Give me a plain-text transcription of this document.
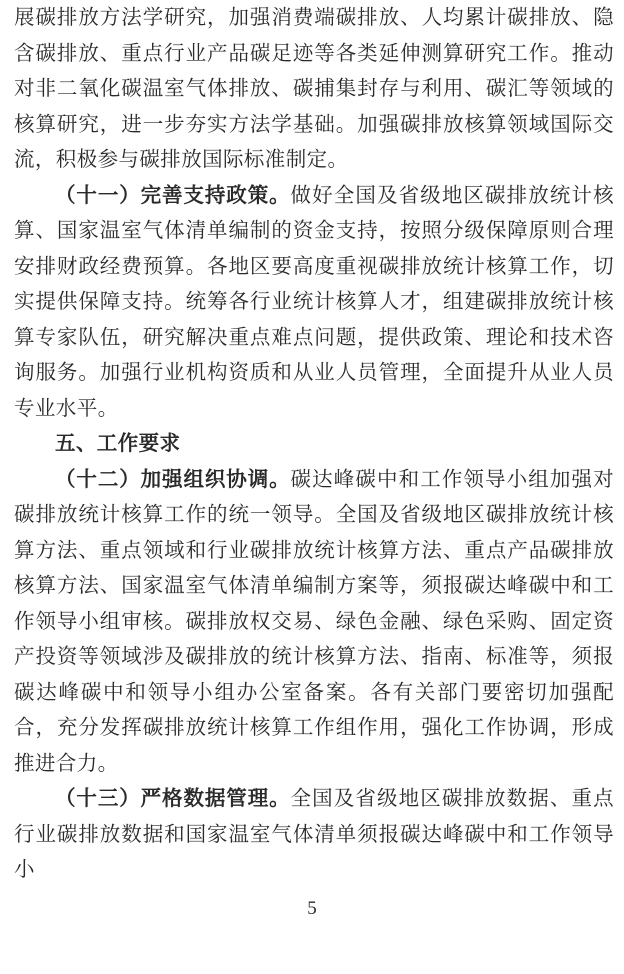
展碳排放方法学研究，加强消费端碳排放、人均累计碳排放、隐含碳排放、重点行业产品碳足迹等各类延伸测算研究工作。推动对非二氧化碳温室气体排放、碳捕集封存与利用、碳汇等领域的核算研究，进一步夯实方法学基础。加强碳排放核算领域国际交流，积极参与碳排放国际标准制定。

（十一）完善支持政策。做好全国及省级地区碳排放统计核算、国家温室气体清单编制的资金支持，按照分级保障原则合理安排财政经费预算。各地区要高度重视碳排放统计核算工作，切实提供保障支持。统筹各行业统计核算人才，组建碳排放统计核算专家队伍，研究解决重点难点问题，提供政策、理论和技术咨询服务。加强行业机构资质和从业人员管理，全面提升从业人员专业水平。

五、工作要求

（十二）加强组织协调。碳达峰碳中和工作领导小组加强对碳排放统计核算工作的统一领导。全国及省级地区碳排放统计核算方法、重点领域和行业碳排放统计核算方法、重点产品碳排放核算方法、国家温室气体清单编制方案等，须报碳达峰碳中和工作领导小组审核。碳排放权交易、绿色金融、绿色采购、固定资产投资等领域涉及碳排放的统计核算方法、指南、标准等，须报碳达峰碳中和领导小组办公室备案。各有关部门要密切加强配合，充分发挥碳排放统计核算工作组作用，强化工作协调，形成推进合力。

（十三）严格数据管理。全国及省级地区碳排放数据、重点行业碳排放数据和国家温室气体清单须报碳达峰碳中和工作领导小

5
